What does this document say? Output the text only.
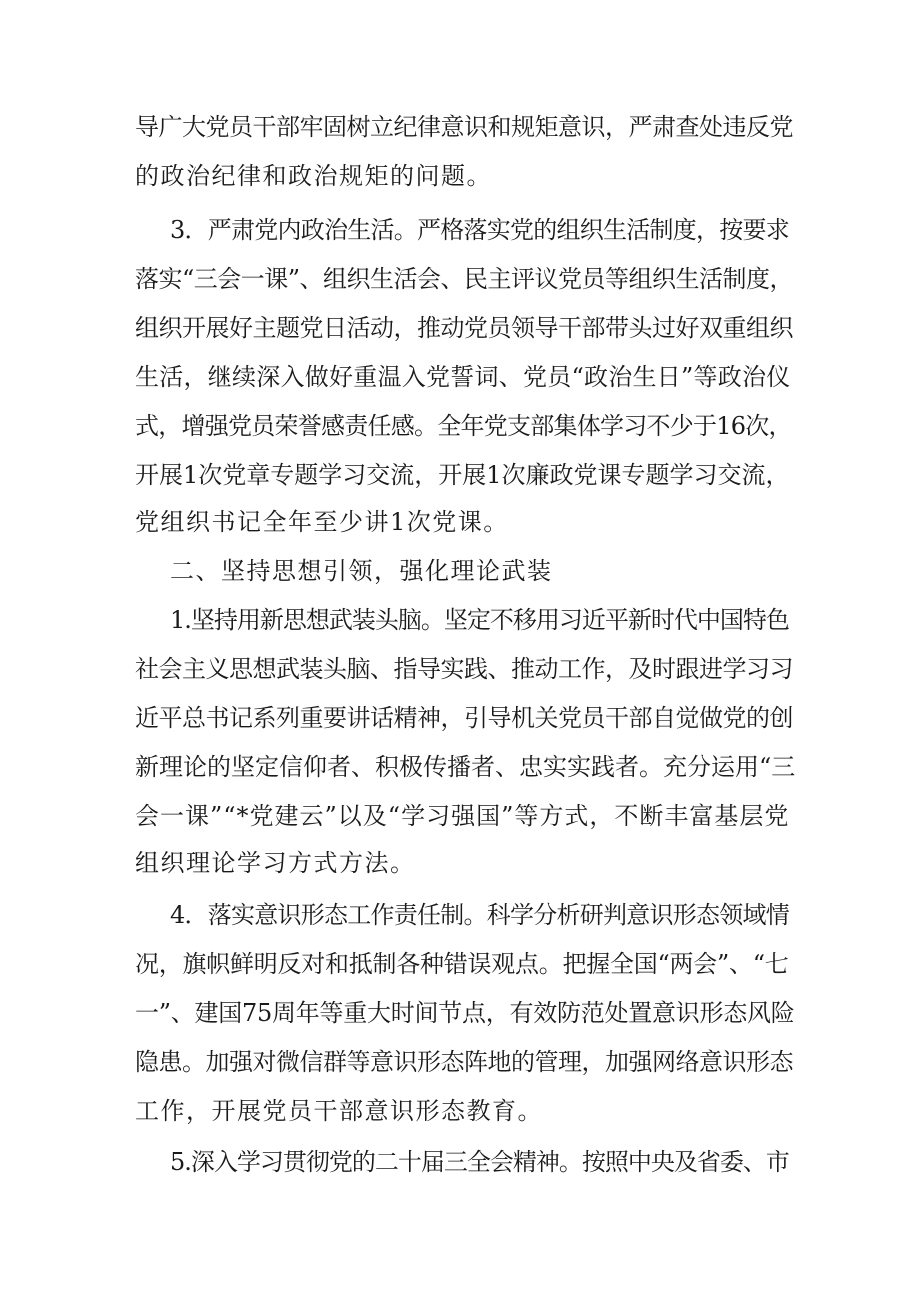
导广大党员干部牢固树立纪律意识和规矩意识，严肃查处违反党
的政治纪律和政治规矩的问题。
3．严肃党内政治生活。严格落实党的组织生活制度，按要求
落实“三会一课”、组织生活会、民主评议党员等组织生活制度，
组织开展好主题党日活动，推动党员领导干部带头过好双重组织
生活，继续深入做好重温入党誓词、党员“政治生日”等政治仪
式，增强党员荣誉感责任感。全年党支部集体学习不少于16次，
开展1次党章专题学习交流，开展1次廉政党课专题学习交流，
党组织书记全年至少讲1次党课。
二、坚持思想引领，强化理论武装
1.坚持用新思想武装头脑。坚定不移用习近平新时代中国特色
社会主义思想武装头脑、指导实践、推动工作，及时跟进学习习
近平总书记系列重要讲话精神，引导机关党员干部自觉做党的创
新理论的坚定信仰者、积极传播者、忠实实践者。充分运用“三
会一课”“*党建云”以及“学习强国”等方式，不断丰富基层党
组织理论学习方式方法。
4．落实意识形态工作责任制。科学分析研判意识形态领域情
况，旗帜鲜明反对和抵制各种错误观点。把握全国“两会”、“七
一”、建国75周年等重大时间节点，有效防范处置意识形态风险
隐患。加强对微信群等意识形态阵地的管理，加强网络意识形态
工作，开展党员干部意识形态教育。
5.深入学习贯彻党的二十届三全会精神。按照中央及省委、市
